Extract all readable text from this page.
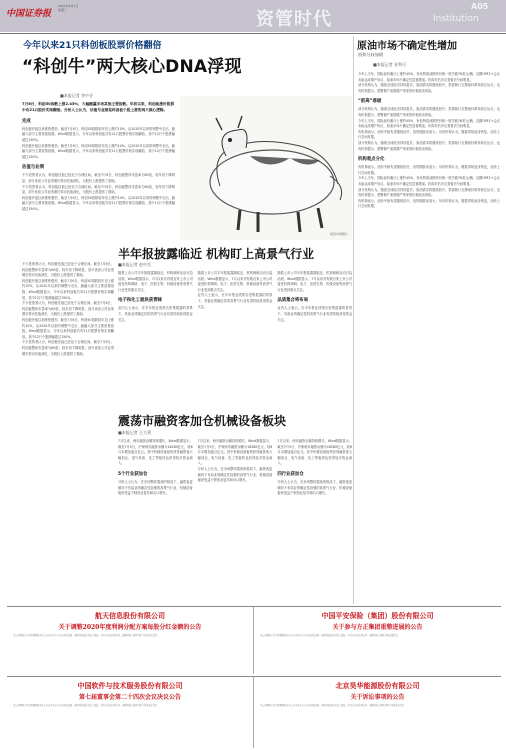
中国证券报
2021年4月7日
星期三	资管时代	Institution
A05
今年以来21只科创板股票价格翻倍
“科创牛”两大核心DNA浮现
■本报记者 李中谷

7月6日，科创50指数上涨2.45%，大幅跑赢市场其他主要指数。年初以来，科创板涨价股票中有21只股价实现翻倍。分析人士认为，估值与业绩是科创板个股上涨的两大核心逻辑。

完成

科创板开板以来涨势强劲，截至7月6日，科创50指数较年初上涨约10%，从2020年以来的调整中走出，跑赢大部分主要宽基指数。Wind数据显示，今年以来科创板共有21只股票价格实现翻倍，其中12只个股涨幅超过150%。

科创板开板以来涨势强劲，截至7月6日，科创50指数较年初上涨约10%，从2020年以来的调整中走出，跑赢大部分主要宽基指数。Wind数据显示，今年以来科创板共有21只股票价格实现翻倍，其中12只个股涨幅超过150%。

估值与业绩

不少投资者认为，科创板估值已经处于合理区间。截至7月6日，科创板整体市盈率为60倍，较年初下降明显，部分优质公司业绩增长带动估值消化，为股价上涨提供了基础。

不少投资者认为，科创板估值已经处于合理区间。截至7月6日，科创板整体市盈率为60倍，较年初下降明显，部分优质公司业绩增长带动估值消化，为股价上涨提供了基础。

科创板开板以来涨势强劲，截至7月6日，科创50指数较年初上涨约10%，从2020年以来的调整中走出，跑赢大部分主要宽基指数。Wind数据显示，今年以来科创板共有21只股票价格实现翻倍，其中12只个股涨幅超过150%。

视觉中国图片
半年报披露临近 机构盯上高景气行业
■本报记者 赵中昊

随着上市公司半年报披露期临近，机构调研活动日趋活跃。Wind数据显示，7月以来共有数百家上市公司接受机构调研，电子、医药生物、机械设备等高景气行业受到重点关注。

电子和化工板块获青睐

业内人士表示，在半年报业绩预告密集披露的背景下，具备业绩确定性的高景气行业有望持续获得资金关注。

随着上市公司半年报披露期临近，机构调研活动日趋活跃。Wind数据显示，7月以来共有数百家上市公司接受机构调研，电子、医药生物、机械设备等高景气行业受到重点关注。

业内人士表示，在半年报业绩预告密集披露的背景下，具备业绩确定性的高景气行业有望持续获得资金关注。

随着上市公司半年报披露期临近，机构调研活动日趋活跃。Wind数据显示，7月以来共有数百家上市公司接受机构调研，电子、医药生物、机械设备等高景气行业受到重点关注。

品质集合将布局

业内人士表示，在半年报业绩预告密集披露的背景下，具备业绩确定性的高景气行业有望持续获得资金关注。

震荡市融资客加仓机械设备板块
■本报记者 王大勇

7月以来，两市融资余额持续增长。Wind数据显示，截至7月5日，沪深两市融资余额为16280亿元，较6月末增加逾百亿元。其中机械设备板块获得融资客大幅加仓，电气设备、化工等板块也获得较多资金流入。

5个行业获加仓

分析人士认为，在市场整体震荡的格局下，融资客更倾向于布局业绩确定性较强的高景气行业，机械设备板块受益于制造业复苏和出口增长。

7月以来，两市融资余额持续增长。Wind数据显示，截至7月5日，沪深两市融资余额为16280亿元，较6月末增加逾百亿元。其中机械设备板块获得融资客大幅加仓，电气设备、化工等板块也获得较多资金流入。

分析人士认为，在市场整体震荡的格局下，融资客更倾向于布局业绩确定性较强的高景气行业，机械设备板块受益于制造业复苏和出口增长。

7月以来，两市融资余额持续增长。Wind数据显示，截至7月5日，沪深两市融资余额为16280亿元，较6月末增加逾百亿元。其中机械设备板块获得融资客大幅加仓，电气设备、化工等板块也获得较多资金流入。

四行业获加仓

分析人士认为，在市场整体震荡的格局下，融资客更倾向于布局业绩确定性较强的高景气行业，机械设备板块受益于制造业复苏和出口增长。

不少投资者认为，科创板估值已经处于合理区间。截至7月6日，科创板整体市盈率为60倍，较年初下降明显，部分优质公司业绩增长带动估值消化，为股价上涨提供了基础。

科创板开板以来涨势强劲，截至7月6日，科创50指数较年初上涨约10%，从2020年以来的调整中走出，跑赢大部分主要宽基指数。Wind数据显示，今年以来科创板共有21只股票价格实现翻倍，其中12只个股涨幅超过150%。

不少投资者认为，科创板估值已经处于合理区间。截至7月6日，科创板整体市盈率为60倍，较年初下降明显，部分优质公司业绩增长带动估值消化，为股价上涨提供了基础。

科创板开板以来涨势强劲，截至7月6日，科创50指数较年初上涨约10%，从2020年以来的调整中走出，跑赢大部分主要宽基指数。Wind数据显示，今年以来科创板共有21只股票价格实现翻倍，其中12只个股涨幅超过150%。

不少投资者认为，科创板估值已经处于合理区间。截至7月6日，科创板整体市盈率为60倍，较年初下降明显，部分优质公司业绩增长带动估值消化，为股价上涨提供了基础。

原油市场不确定性增加
机构分歧加剧
■本报记者 张利可

今年上半年，国际油价累计上涨约45%，布伦特原油期货价格一度突破76美元/桶。近期OPEC+会议未能达成增产协议，原油市场不确定性显著增加。机构对后市走势看法分歧明显。

部分机构认为，随着全球经济持续复苏，原油需求将继续回升，供需缺口支撑油价维持高位运行。也有机构提示，需警惕产油国增产带来的价格波动风险。

“前高”难破

部分机构认为，随着全球经济持续复苏，原油需求将继续回升，供需缺口支撑油价维持高位运行。也有机构提示，需警惕产油国增产带来的价格波动风险。

今年上半年，国际油价累计上涨约45%，布伦特原油期货价格一度突破76美元/桶。近期OPEC+会议未能达成增产协议，原油市场不确定性显著增加。机构对后市走势看法分歧明显。

有机构表示，油价中枢有望继续抬升，但短期波动加大；另有机构认为，随着供给逐步恢复，油价上行空间有限。

部分机构认为，随着全球经济持续复苏，原油需求将继续回升，供需缺口支撑油价维持高位运行。也有机构提示，需警惕产油国增产带来的价格波动风险。

机构观点分化

有机构表示，油价中枢有望继续抬升，但短期波动加大；另有机构认为，随着供给逐步恢复，油价上行空间有限。

今年上半年，国际油价累计上涨约45%，布伦特原油期货价格一度突破76美元/桶。近期OPEC+会议未能达成增产协议，原油市场不确定性显著增加。机构对后市走势看法分歧明显。

部分机构认为，随着全球经济持续复苏，原油需求将继续回升，供需缺口支撑油价维持高位运行。也有机构提示，需警惕产油国增产带来的价格波动风险。

有机构表示，油价中枢有望继续抬升，但短期波动加大；另有机构认为，随着供给逐步恢复，油价上行空间有限。

航天信息股份有限公司
关于调整2020年度利润分配方案每股分红金额的公告
本公司董事会及全体董事保证本公告内容不存在任何虚假记载、误导性陈述或者重大遗漏，并对其内容的真实性、准确性和完整性承担个别及连带责任。
中国平安保险（集团）股份有限公司
关于参与方正集团重整进展的公告
本公司董事会及全体董事保证本公告内容不存在任何虚假记载、误导性陈述或者重大遗漏，并对其内容的真实性、准确性和完整性承担法律责任。
中国软件与技术服务股份有限公司
第七届董事会第二十四次会议决议公告
本公司董事会及全体董事保证本公告内容不存在任何虚假记载、误导性陈述或者重大遗漏，并对其内容的真实性、准确性和完整性承担个别及连带责任。
北京昊华能源股份有限公司
关于诉讼事项的公告
本公司董事会及全体董事保证本公告内容不存在任何虚假记载、误导性陈述或者重大遗漏，并对其内容的真实性、准确性和完整性承担个别及连带责任。
